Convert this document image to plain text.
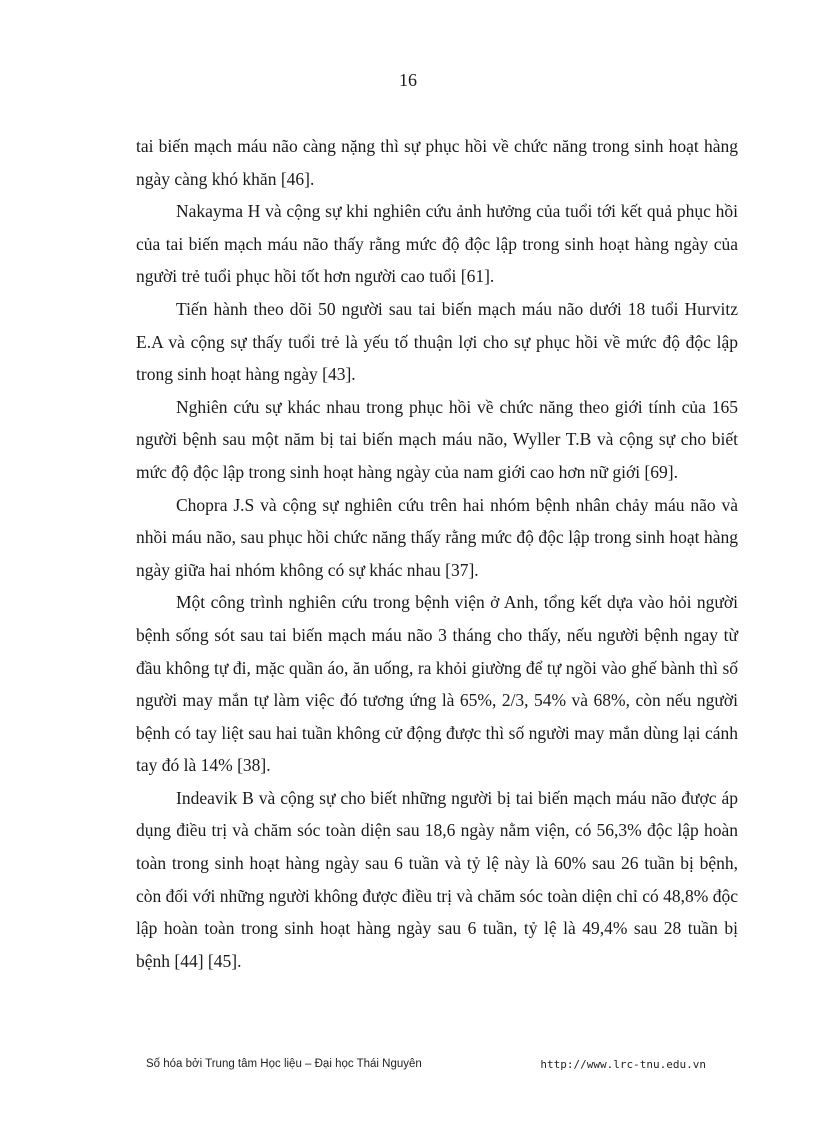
16

tai biến mạch máu não càng nặng thì sự phục hồi về chức năng trong sinh hoạt hàng ngày càng khó khăn [46].

Nakayma H và cộng sự khi nghiên cứu ảnh hưởng của tuổi tới kết quả phục hồi của tai biến mạch máu não thấy rằng mức độ độc lập trong sinh hoạt hàng ngày của người trẻ tuổi phục hồi tốt hơn người cao tuổi [61].

Tiến hành theo dõi 50 người sau tai biến mạch máu não dưới 18 tuổi Hurvitz E.A và cộng sự thấy tuổi trẻ là yếu tố thuận lợi cho sự phục hồi về mức độ độc lập trong sinh hoạt hàng ngày [43].

Nghiên cứu sự khác nhau trong phục hồi về chức năng theo giới tính của 165 người bệnh sau một năm bị tai biến mạch máu não, Wyller T.B và cộng sự cho biết mức độ độc lập trong sinh hoạt hàng ngày của nam giới cao hơn nữ giới [69].

Chopra J.S và cộng sự nghiên cứu trên hai nhóm bệnh nhân chảy máu não và nhồi máu não, sau phục hồi chức năng thấy rằng mức độ độc lập trong sinh hoạt hàng ngày giữa hai nhóm không có sự khác nhau [37].

Một công trình nghiên cứu trong bệnh viện ở Anh, tổng kết dựa vào hỏi người bệnh sống sót sau tai biến mạch máu não 3 tháng cho thấy, nếu người bệnh ngay từ đầu không tự đi, mặc quần áo, ăn uống, ra khỏi giường để tự ngồi vào ghế bành thì số người may mắn tự làm việc đó tương ứng là 65%, 2/3, 54% và 68%, còn nếu người bệnh có tay liệt sau hai tuần không cử động được thì số người may mắn dùng lại cánh tay đó là 14% [38].

Indeavik B và cộng sự cho biết những người bị tai biến mạch máu não được áp dụng điều trị và chăm sóc toàn diện sau 18,6 ngày nằm viện, có 56,3% độc lập hoàn toàn trong sinh hoạt hàng ngày sau 6 tuần và tỷ lệ này là 60% sau 26 tuần bị bệnh, còn đối với những người không được điều trị và chăm sóc toàn diện chỉ có 48,8% độc lập hoàn toàn trong sinh hoạt hàng ngày sau 6 tuần, tỷ lệ là 49,4% sau 28 tuần bị bệnh [44] [45].

Số hóa bởi Trung tâm Học liệu – Đại học Thái Nguyên	http://www.lrc-tnu.edu.vn
